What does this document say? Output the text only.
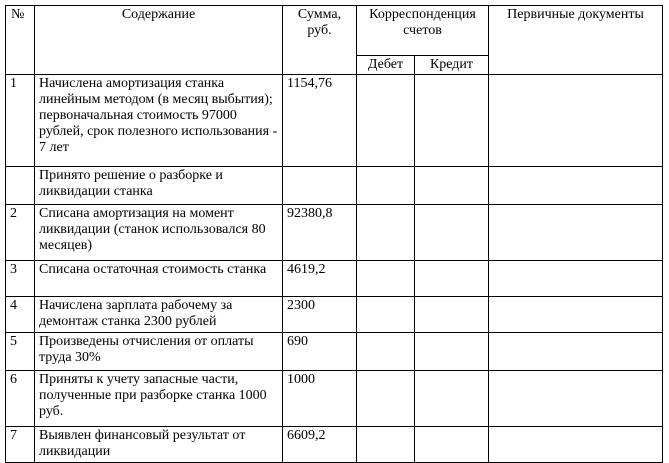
№	Содержание	Сумма, руб.	Корреспонденция счетов		Первичные документы
			Дебет	Кредит	
1	Начислена амортизация станка линейным методом (в месяц выбытия); первоначальная стоимость 97000 рублей, срок полезного использования - 7 лет	1154,76			
	Принято решение о разборке и ликвидации станка				
2	Списана амортизация на момент ликвидации (станок использовался 80 месяцев)	92380,8			
3	Списана остаточная стоимость станка	4619,2			
4	Начислена зарплата рабочему за демонтаж станка 2300 рублей	2300			
5	Произведены отчисления от оплаты труда 30%	690			
6	Приняты к учету запасные части, полученные при разборке станка 1000 руб.	1000			
7	Выявлен финансовый результат от ликвидации	6609,2			
